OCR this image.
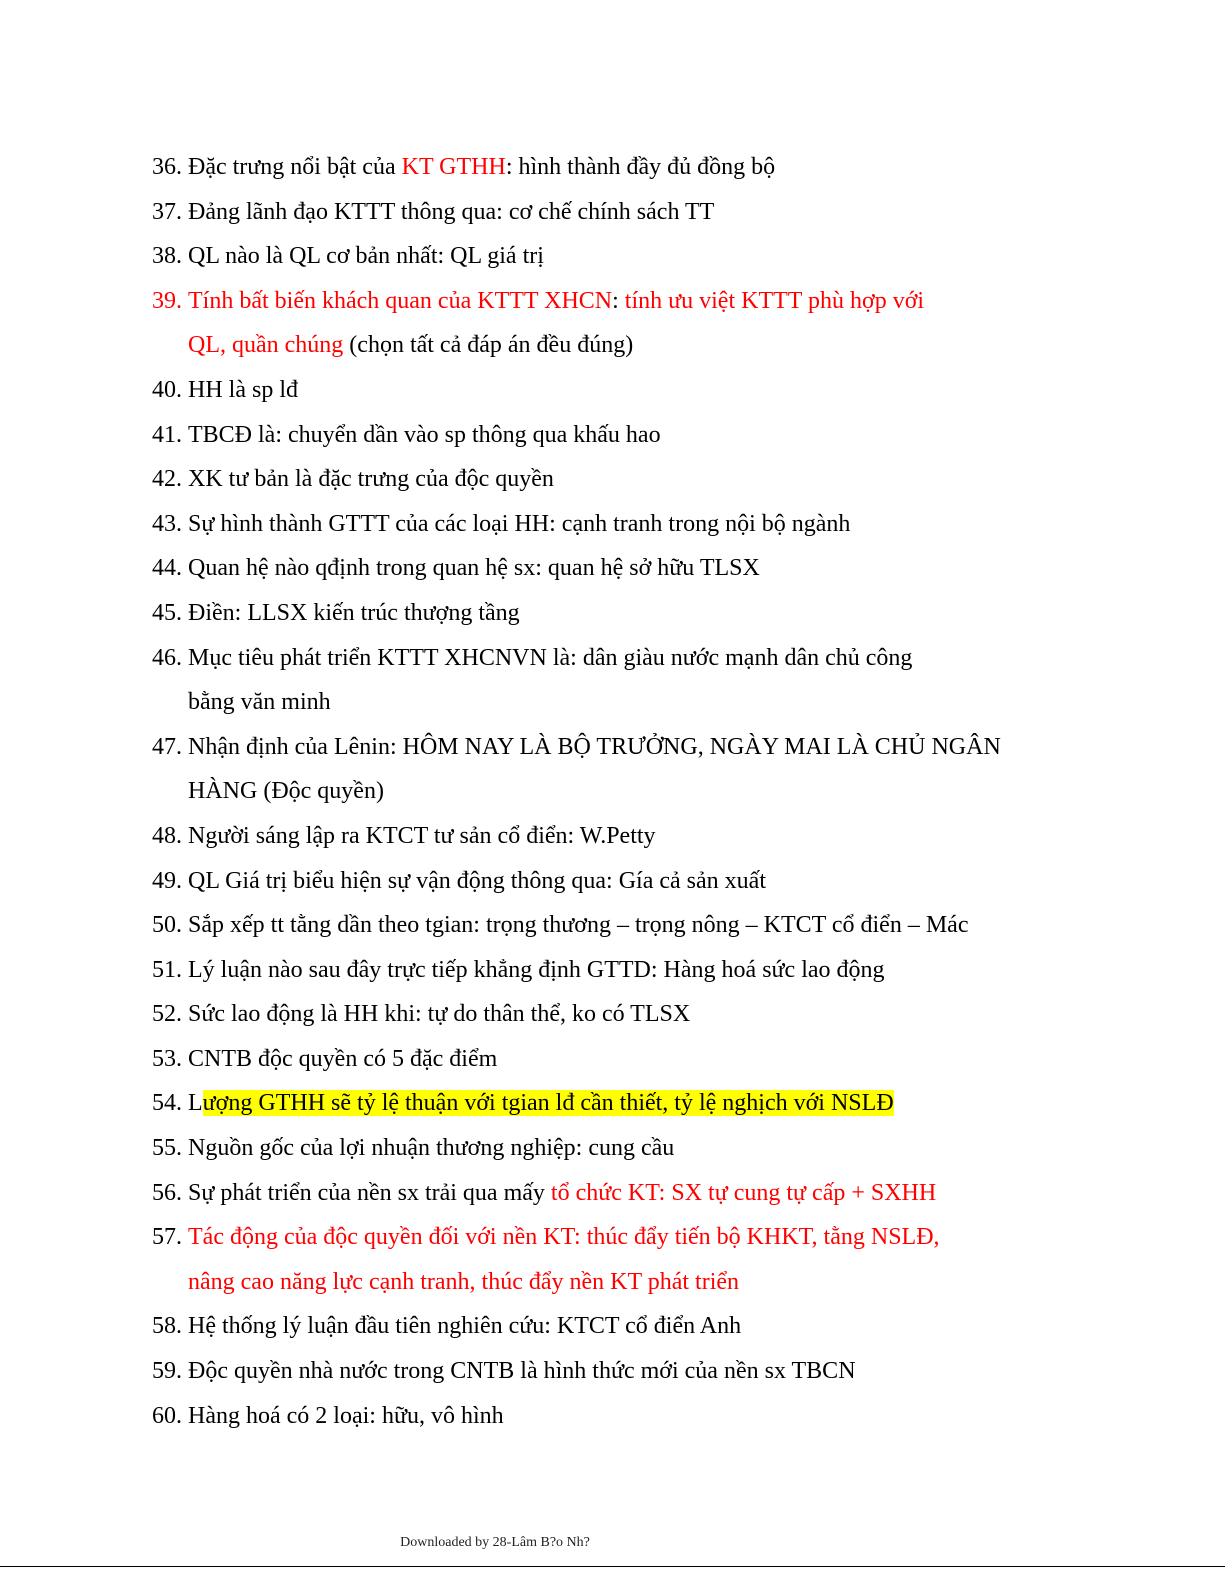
36. Đặc trưng nổi bật của KT GTHH: hình thành đầy đủ đồng bộ
37. Đảng lãnh đạo KTTT thông qua: cơ chế chính sách TT
38. QL nào là QL cơ bản nhất: QL giá trị
39. Tính bất biến khách quan của KTTT XHCN: tính ưu việt KTTT phù hợp với
QL, quần chúng (chọn tất cả đáp án đều đúng)
40. HH là sp lđ
41. TBCĐ là: chuyển dần vào sp thông qua khấu hao
42. XK tư bản là đặc trưng của độc quyền
43. Sự hình thành GTTT của các loại HH: cạnh tranh trong nội bộ ngành
44. Quan hệ nào qđịnh trong quan hệ sx: quan hệ sở hữu TLSX
45. Điền: LLSX kiến trúc thượng tầng
46. Mục tiêu phát triển KTTT XHCNVN là: dân giàu nước mạnh dân chủ công
bằng văn minh
47. Nhận định của Lênin: HÔM NAY LÀ BỘ TRƯỞNG, NGÀY MAI LÀ CHỦ NGÂN
HÀNG (Độc quyền)
48. Người sáng lập ra KTCT tư sản cổ điển: W.Petty
49. QL Giá trị biểu hiện sự vận động thông qua: Gía cả sản xuất
50. Sắp xếp tt tằng dần theo tgian: trọng thương – trọng nông – KTCT cổ điển – Mác
51. Lý luận nào sau đây trực tiếp khẳng định GTTD: Hàng hoá sức lao động
52. Sức lao động là HH khi: tự do thân thể, ko có TLSX
53. CNTB độc quyền có 5 đặc điểm
54. Lượng GTHH sẽ tỷ lệ thuận với tgian lđ cần thiết, tỷ lệ nghịch với NSLĐ
55. Nguồn gốc của lợi nhuận thương nghiệp: cung cầu
56. Sự phát triển của nền sx trải qua mấy tổ chức KT: SX tự cung tự cấp + SXHH
57. Tác động của độc quyền đối với nền KT: thúc đẩy tiến bộ KHKT, tằng NSLĐ,
nâng cao năng lực cạnh tranh, thúc đẩy nền KT phát triển
58. Hệ thống lý luận đầu tiên nghiên cứu: KTCT cổ điển Anh
59. Độc quyền nhà nước trong CNTB là hình thức mới của nền sx TBCN
60. Hàng hoá có 2 loại: hữu, vô hình
Downloaded by 28-Lâm B?o Nh?
